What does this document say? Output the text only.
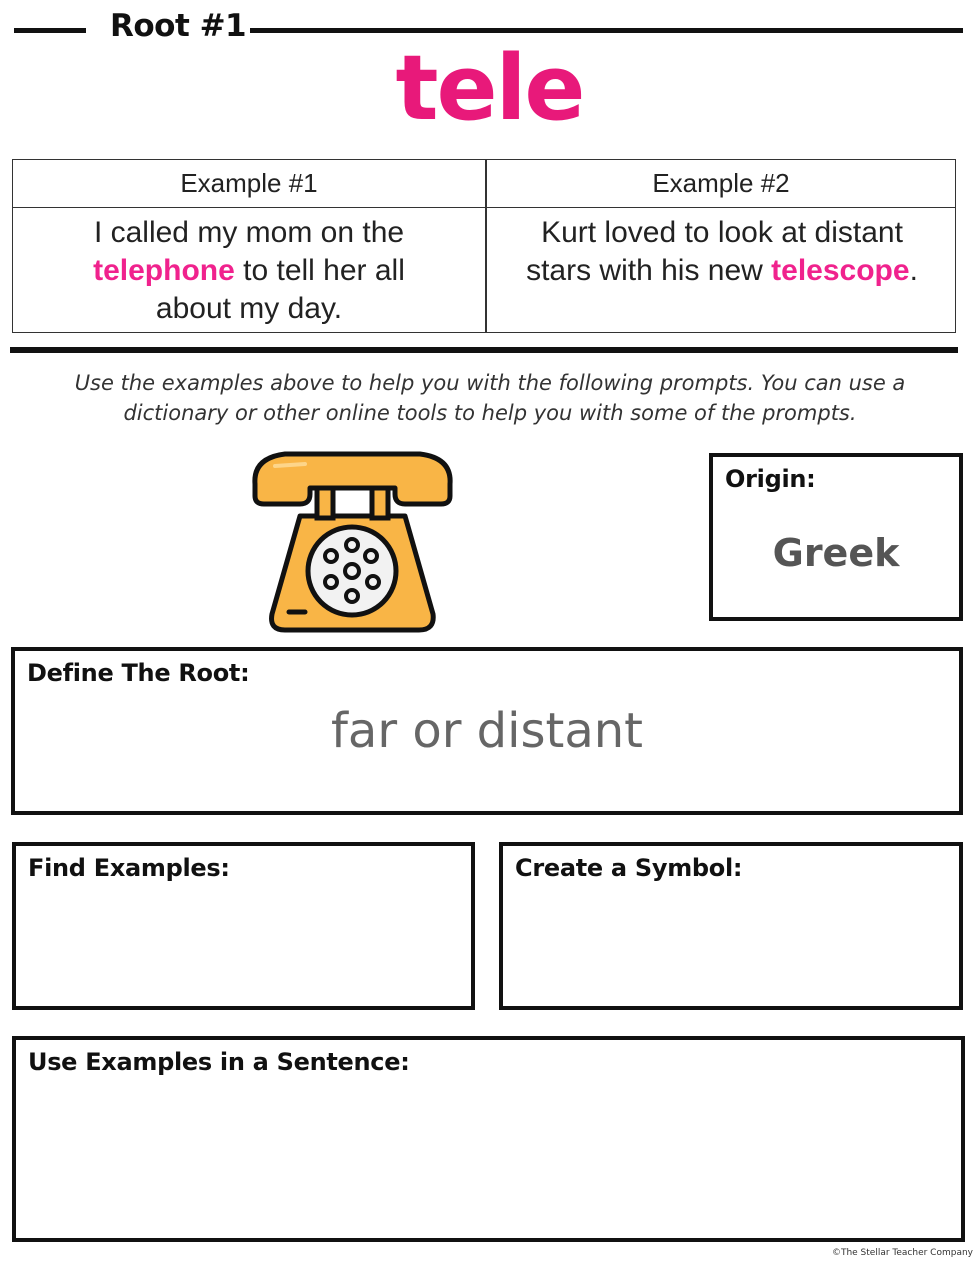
Root #1
tele
Example #1	Example #2
I called my mom on the
telephone to tell her all
about my day.
Kurt loved to look at distant
stars with his new telescope.
Use the examples above to help you with the following prompts. You can use a dictionary or other online tools to help you with some of the prompts.
Origin:
Greek
Define The Root:
far or distant
Find Examples:	Create a Symbol:
Use Examples in a Sentence:
©The Stellar Teacher Company
